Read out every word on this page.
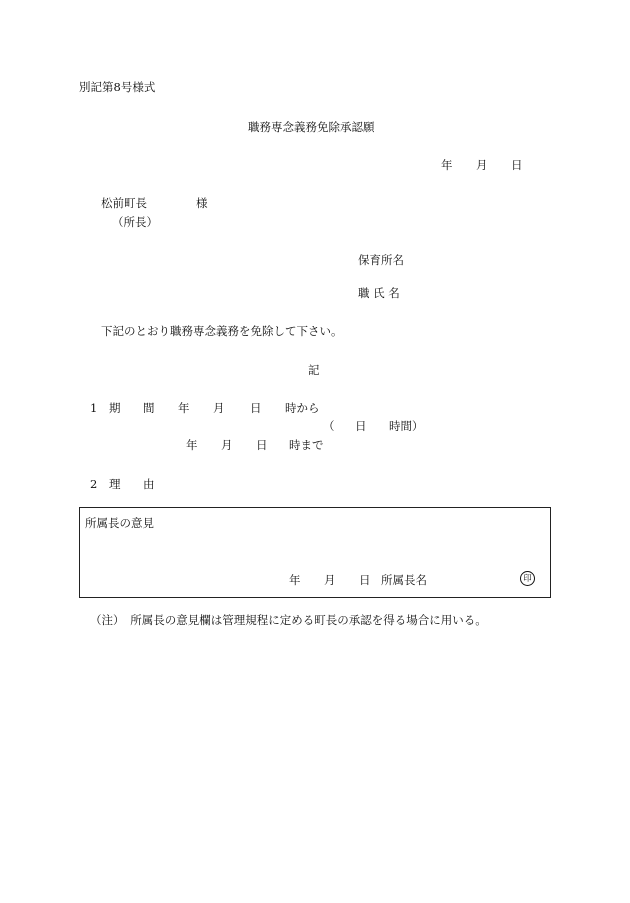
別記第8号様式
職務専念義務免除承認願
年 月 日
松前町長	様
（所長）
保育所名
職 氏 名
下記のとおり職務専念義務を免除して下さい。
記
1 期 間 年 月 日 時から
（ 日 時間）
年 月 日 時まで
2 理 由
所属長の意見
年 月 日 所属長名	印
（注）　所属長の意見欄は管理規程に定める町長の承認を得る場合に用いる。
